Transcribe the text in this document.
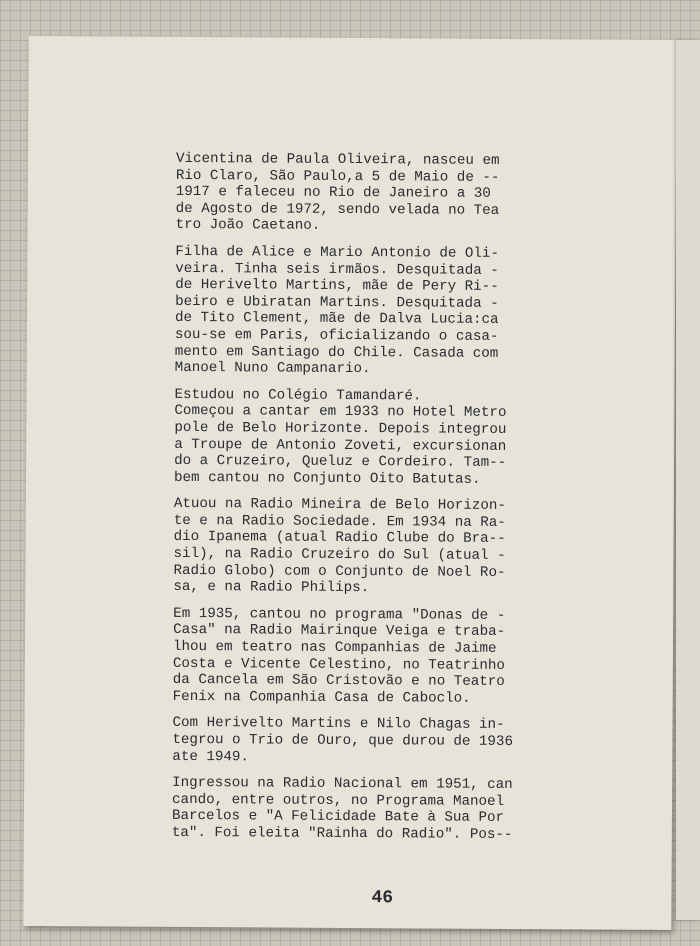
Vicentina de Paula Oliveira, nasceu em
Rio Claro, São Paulo,a 5 de Maio de --
1917 e faleceu no Rio de Janeiro a 30
de Agosto de 1972, sendo velada no Tea
tro João Caetano.
Filha de Alice e Mario Antonio de Oli-
veira. Tinha seis irmãos. Desquitada -
de Herivelto Martins, mãe de Pery Ri--
beiro e Ubiratan Martins. Desquitada -
de Tito Clement, mãe de Dalva Lucia:ca
sou-se em Paris, oficializando o casa-
mento em Santiago do Chile. Casada com
Manoel Nuno Campanario.
Estudou no Colégio Tamandaré.
Começou a cantar em 1933 no Hotel Metro
pole de Belo Horizonte. Depois integrou
a Troupe de Antonio Zoveti, excursionan
do a Cruzeiro, Queluz e Cordeiro. Tam--
bem cantou no Conjunto Oito Batutas.
Atuou na Radio Mineira de Belo Horizon-
te e na Radio Sociedade. Em 1934 na Ra-
dio Ipanema (atual Radio Clube do Bra--
sil), na Radio Cruzeiro do Sul (atual -
Radio Globo) com o Conjunto de Noel Ro-
sa, e na Radio Philips.
Em 1935, cantou no programa "Donas de -
Casa" na Radio Mairinque Veiga e traba-
lhou em teatro nas Companhias de Jaime
Costa e Vicente Celestino, no Teatrinho
da Cancela em São Cristovão e no Teatro
Fenix na Companhia Casa de Caboclo.
Com Herivelto Martins e Nilo Chagas in-
tegrou o Trio de Ouro, que durou de 1936
ate 1949.
Ingressou na Radio Nacional em 1951, can
cando, entre outros, no Programa Manoel
Barcelos e "A Felicidade Bate à Sua Por
ta". Foi eleita "Rainha do Radio". Pos--
46
